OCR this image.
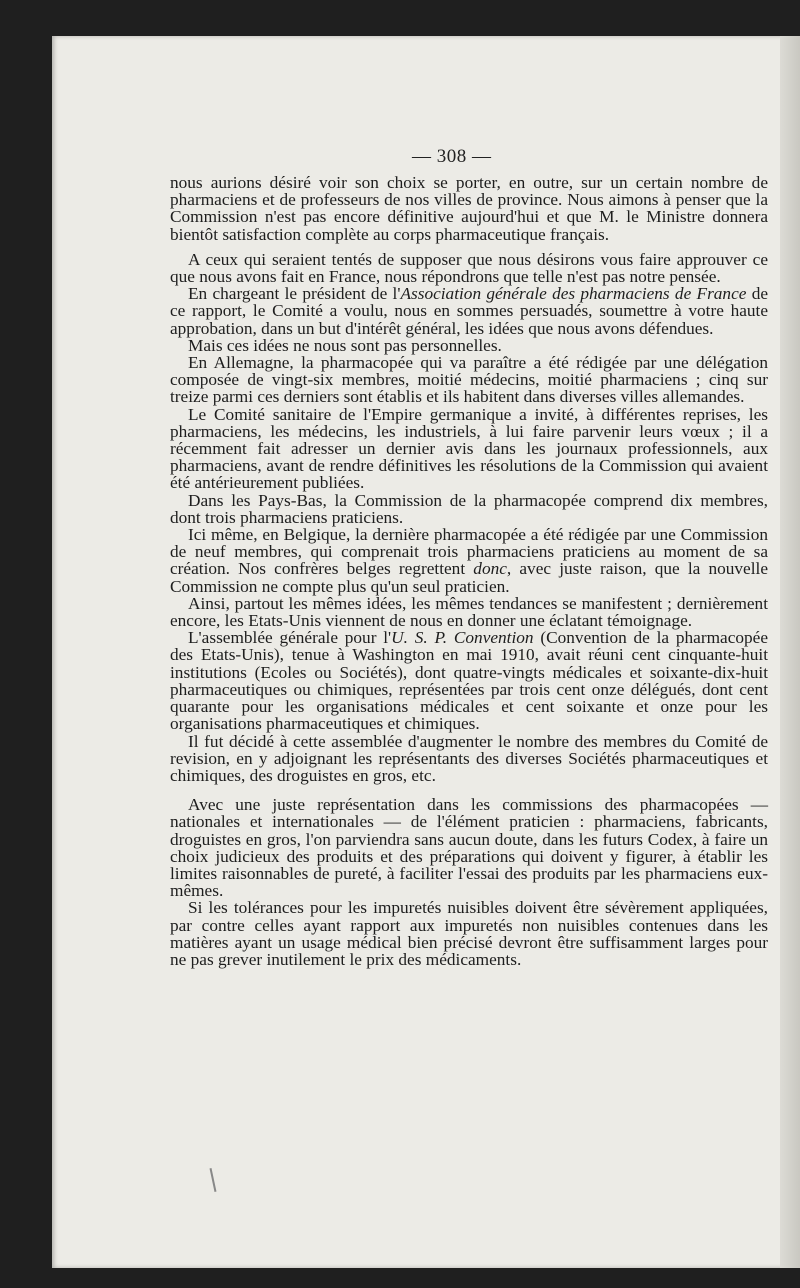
— 308 —

nous aurions désiré voir son choix se porter, en outre, sur un certain nombre de pharmaciens et de professeurs de nos villes de province. Nous aimons à penser que la Commission n'est pas encore définitive aujourd'hui et que M. le Ministre donnera bientôt satisfaction complète au corps pharmaceutique français.

A ceux qui seraient tentés de supposer que nous désirons vous faire approuver ce que nous avons fait en France, nous répondrons que telle n'est pas notre pensée.

En chargeant le président de l'Association générale des pharmaciens de France de ce rapport, le Comité a voulu, nous en sommes persuadés, soumettre à votre haute approbation, dans un but d'intérêt général, les idées que nous avons défendues.

Mais ces idées ne nous sont pas personnelles.

En Allemagne, la pharmacopée qui va paraître a été rédigée par une délégation composée de vingt-six membres, moitié médecins, moitié pharmaciens ; cinq sur treize parmi ces derniers sont établis et ils habitent dans diverses villes allemandes.

Le Comité sanitaire de l'Empire germanique a invité, à différentes reprises, les pharmaciens, les médecins, les industriels, à lui faire parvenir leurs vœux ; il a récemment fait adresser un dernier avis dans les journaux professionnels, aux pharmaciens, avant de rendre définitives les résolutions de la Commission qui avaient été antérieurement publiées.

Dans les Pays-Bas, la Commission de la pharmacopée comprend dix membres, dont trois pharmaciens praticiens.

Ici même, en Belgique, la dernière pharmacopée a été rédigée par une Commission de neuf membres, qui comprenait trois pharmaciens praticiens au moment de sa création. Nos confrères belges regrettent donc, avec juste raison, que la nouvelle Commission ne compte plus qu'un seul praticien.

Ainsi, partout les mêmes idées, les mêmes tendances se manifestent ; dernièrement encore, les Etats-Unis viennent de nous en donner une éclatant témoignage.

L'assemblée générale pour l'U. S. P. Convention (Convention de la pharmacopée des Etats-Unis), tenue à Washington en mai 1910, avait réuni cent cinquante-huit institutions (Ecoles ou Sociétés), dont quatre-vingts médicales et soixante-dix-huit pharmaceutiques ou chimiques, représentées par trois cent onze délégués, dont cent quarante pour les organisations médicales et cent soixante et onze pour les organisations pharmaceutiques et chimiques.

Il fut décidé à cette assemblée d'augmenter le nombre des membres du Comité de revision, en y adjoignant les représentants des diverses Sociétés pharmaceutiques et chimiques, des droguistes en gros, etc.

Avec une juste représentation dans les commissions des pharmacopées — nationales et internationales — de l'élément praticien : pharmaciens, fabricants, droguistes en gros, l'on parviendra sans aucun doute, dans les futurs Codex, à faire un choix judicieux des produits et des préparations qui doivent y figurer, à établir les limites raisonnables de pureté, à faciliter l'essai des produits par les pharmaciens eux-mêmes.

Si les tolérances pour les impuretés nuisibles doivent être sévèrement appliquées, par contre celles ayant rapport aux impuretés non nuisibles contenues dans les matières ayant un usage médical bien précisé devront être suffisamment larges pour ne pas grever inutilement le prix des médicaments.
